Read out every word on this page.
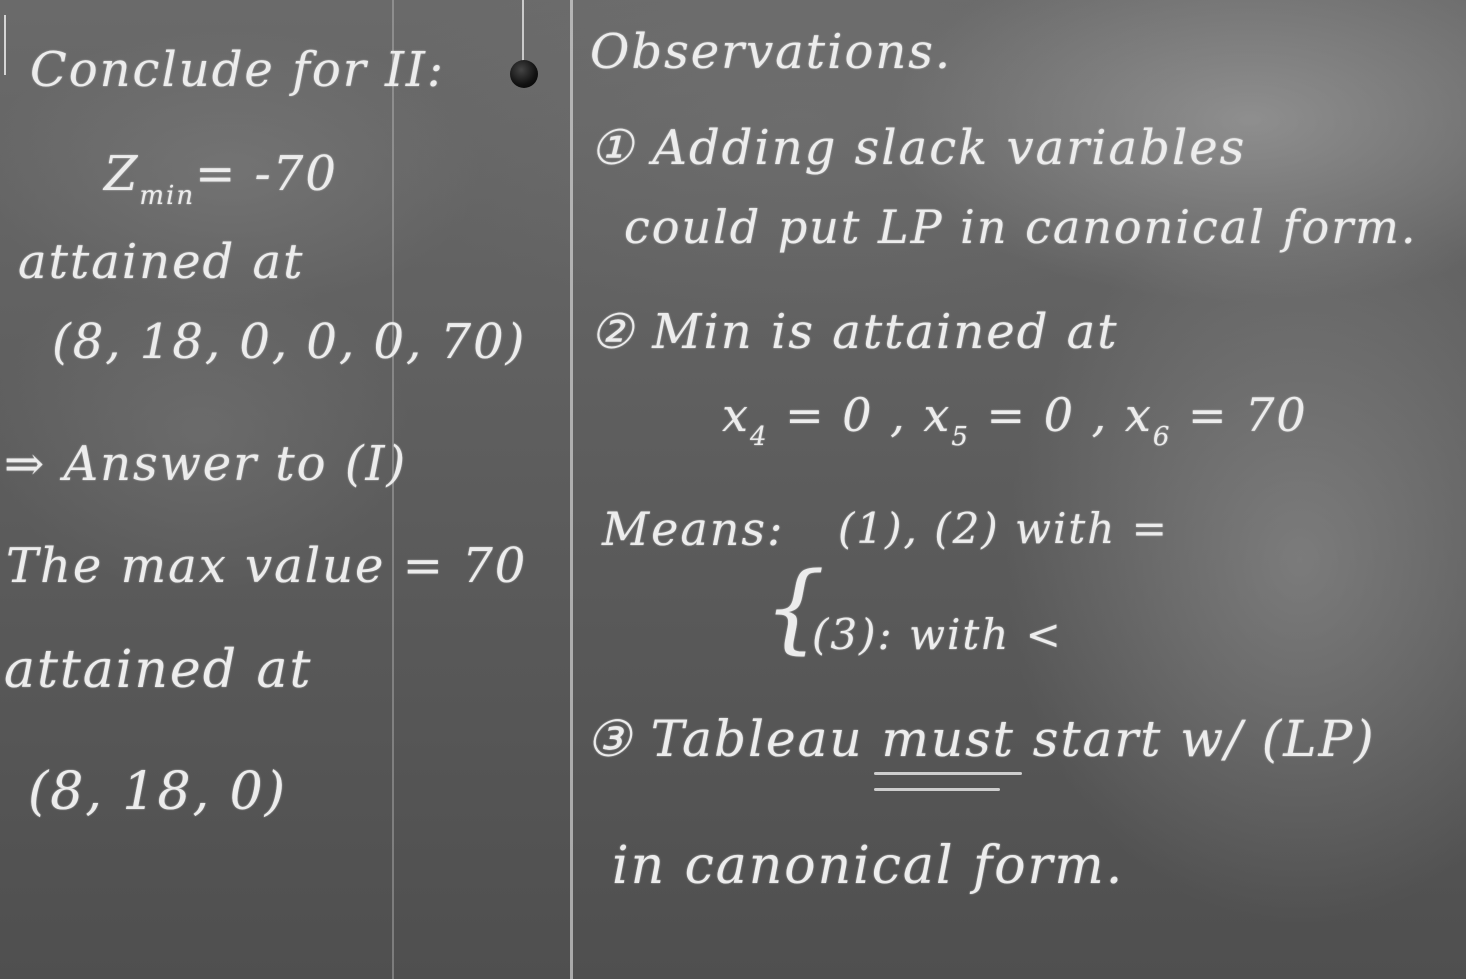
Conclude for II:
$Z_{min}= -70$
attained at
(8, 18, 0, 0, 0, 70)
⇒ Answer to (I)
The max value = 70
attained at
(8, 18, 0)
Observations.
① Adding slack variables
could put LP in canonical form.
② Min is attained at
$x_4 = 0$ , $x_5 = 0$ , $x_6 = 70$
Means: (1), (2) with =
{
(3): with <
③ Tableau must start w/ (LP)
in canonical form.
